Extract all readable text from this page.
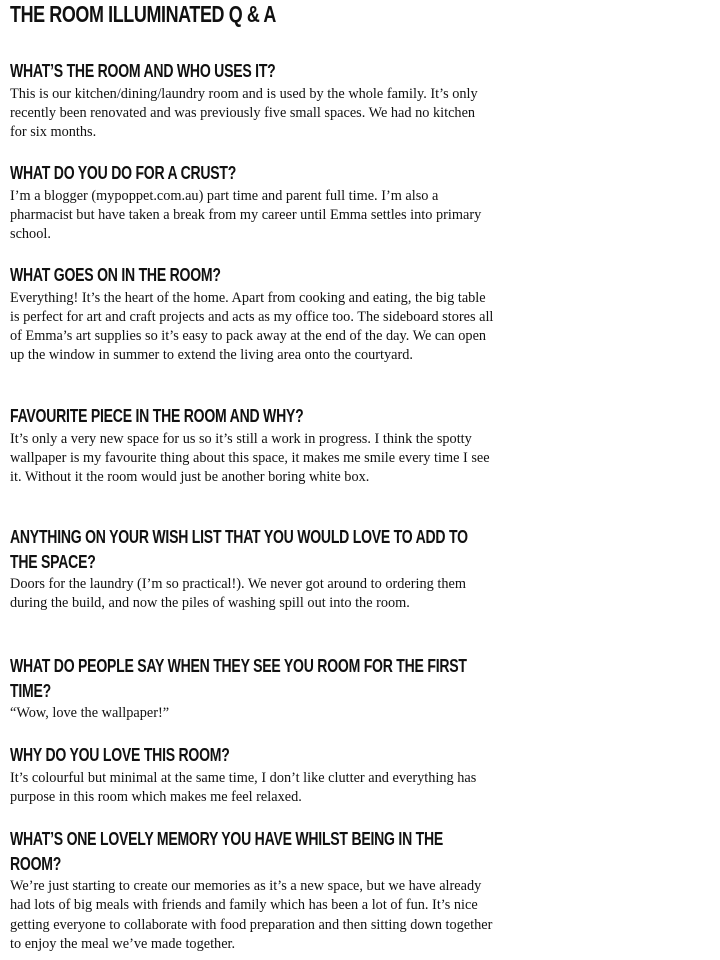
THE ROOM ILLUMINATED Q & A
WHAT’S THE ROOM AND WHO USES IT?

This is our kitchen/dining/laundry room and is used by the whole family. It’s only recently been renovated and was previously five small spaces. We had no kitchen for six months.

WHAT DO YOU DO FOR A CRUST?

I’m a blogger (mypoppet.com.au) part time and parent full time. I’m also a pharmacist but have taken a break from my career until Emma settles into primary school.

WHAT GOES ON IN THE ROOM?

Everything! It’s the heart of the home. Apart from cooking and eating, the big table is perfect for art and craft projects and acts as my office too. The sideboard stores all of Emma’s art supplies so it’s easy to pack away at the end of the day. We can open up the window in summer to extend the living area onto the courtyard.

FAVOURITE PIECE IN THE ROOM AND WHY?

It’s only a very new space for us so it’s still a work in progress. I think the spotty wallpaper is my favourite thing about this space, it makes me smile every time I see it. Without it the room would just be another boring white box.

ANYTHING ON YOUR WISH LIST THAT YOU WOULD LOVE TO ADD TO THE SPACE?

Doors for the laundry (I’m so practical!). We never got around to ordering them during the build, and now the piles of washing spill out into the room.

WHAT DO PEOPLE SAY WHEN THEY SEE YOU ROOM FOR THE FIRST TIME?

“Wow, love the wallpaper!”

WHY DO YOU LOVE THIS ROOM?

It’s colourful but minimal at the same time, I don’t like clutter and everything has purpose in this room which makes me feel relaxed.

WHAT’S ONE LOVELY MEMORY YOU HAVE WHILST BEING IN THE ROOM?

We’re just starting to create our memories as it’s a new space, but we have already had lots of big meals with friends and family which has been a lot of fun. It’s nice getting everyone to collaborate with food preparation and then sitting down together to enjoy the meal we’ve made together.
